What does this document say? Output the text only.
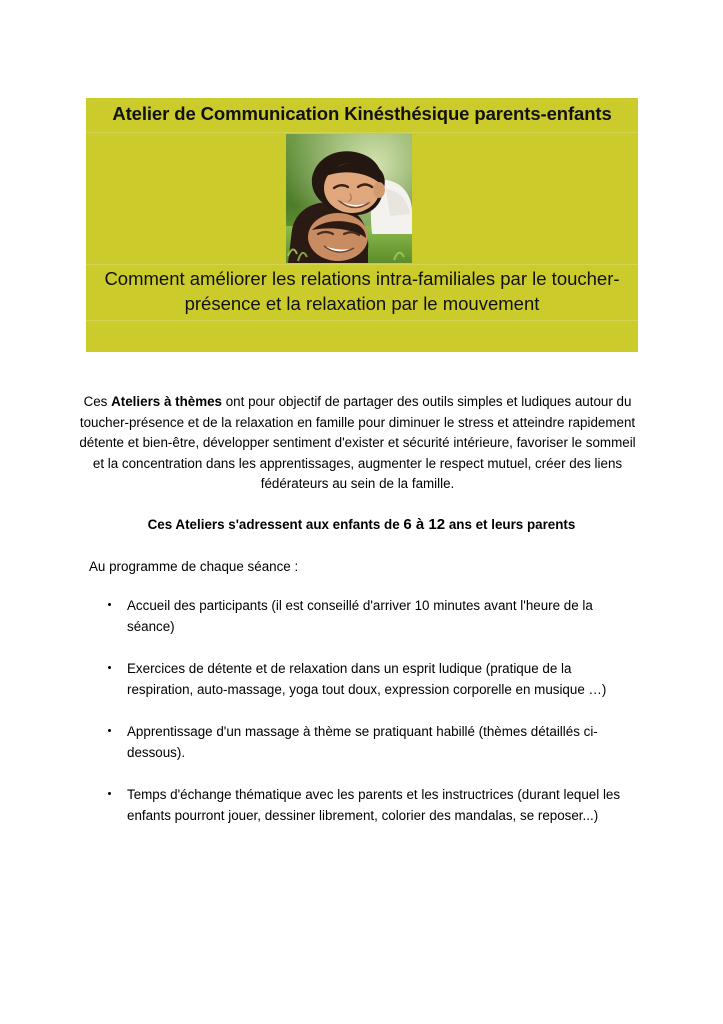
Atelier de Communication Kinésthésique parents-enfants
Comment améliorer les relations intra-familiales par le toucher-présence et la relaxation par le mouvement

Ces Ateliers à thèmes ont pour objectif de partager des outils simples et ludiques autour du toucher-présence et de la relaxation en famille pour diminuer le stress et atteindre rapidement détente et bien-être, développer sentiment d'exister et sécurité intérieure, favoriser le sommeil et la concentration dans les apprentissages, augmenter le respect mutuel, créer des liens fédérateurs au sein de la famille.

Ces Ateliers s'adressent aux enfants de 6 à 12 ans et leurs parents

Au programme de chaque séance :

Accueil des participants (il est conseillé d'arriver 10 minutes avant l'heure de la séance)
Exercices de détente et de relaxation dans un esprit ludique (pratique de la respiration, auto-massage, yoga tout doux, expression corporelle en musique …)
Apprentissage d'un massage à thème se pratiquant habillé (thèmes détaillés ci-dessous).
Temps d'échange thématique avec les parents et les instructrices (durant lequel les enfants pourront jouer, dessiner librement, colorier des mandalas, se reposer...)
